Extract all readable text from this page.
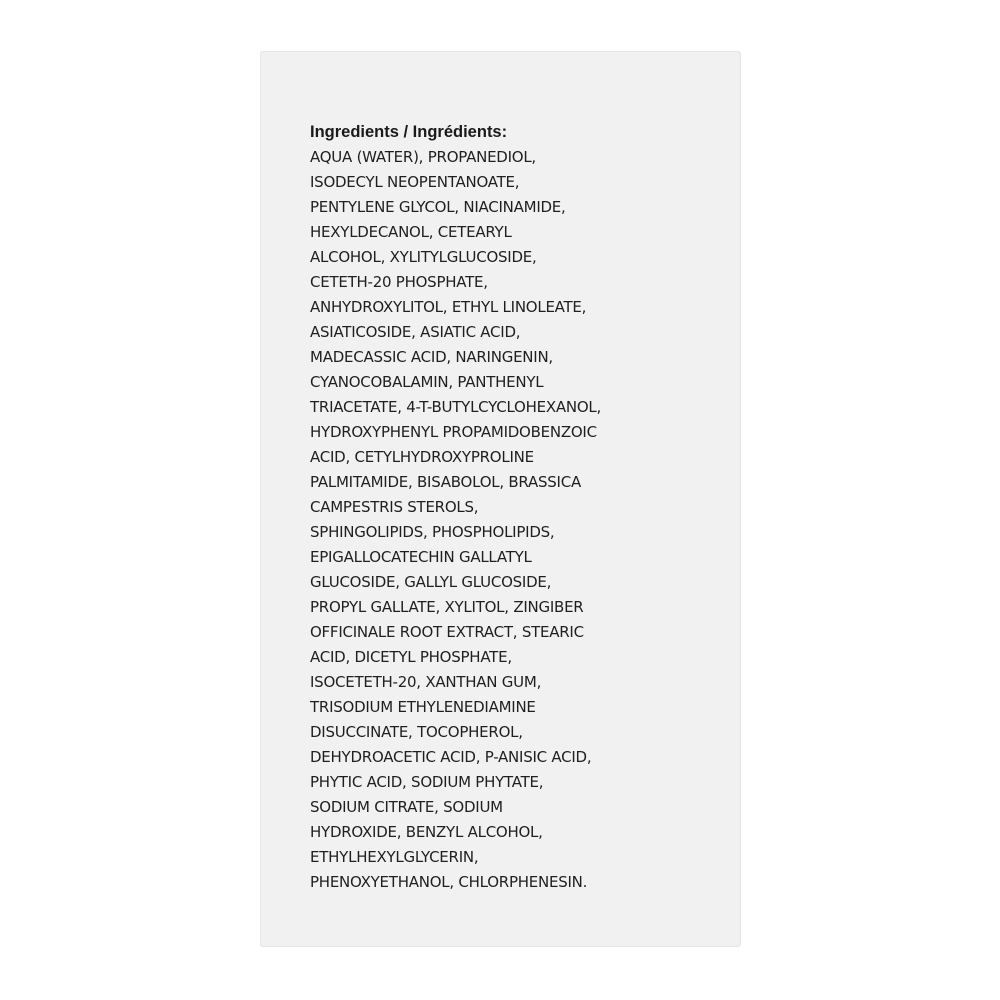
Ingredients / Ingrédients:
AQUA (WATER), PROPANEDIOL,
ISODECYL NEOPENTANOATE,
PENTYLENE GLYCOL, NIACINAMIDE,
HEXYLDECANOL, CETEARYL
ALCOHOL, XYLITYLGLUCOSIDE,
CETETH-20 PHOSPHATE,
ANHYDROXYLITOL, ETHYL LINOLEATE,
ASIATICOSIDE, ASIATIC ACID,
MADECASSIC ACID, NARINGENIN,
CYANOCOBALAMIN, PANTHENYL
TRIACETATE, 4-T-BUTYLCYCLOHEXANOL,
HYDROXYPHENYL PROPAMIDOBENZOIC
ACID, CETYLHYDROXYPROLINE
PALMITAMIDE, BISABOLOL, BRASSICA
CAMPESTRIS STEROLS,
SPHINGOLIPIDS, PHOSPHOLIPIDS,
EPIGALLOCATECHIN GALLATYL
GLUCOSIDE, GALLYL GLUCOSIDE,
PROPYL GALLATE, XYLITOL, ZINGIBER
OFFICINALE ROOT EXTRACT, STEARIC
ACID, DICETYL PHOSPHATE,
ISOCETETH-20, XANTHAN GUM,
TRISODIUM ETHYLENEDIAMINE
DISUCCINATE, TOCOPHEROL,
DEHYDROACETIC ACID, P-ANISIC ACID,
PHYTIC ACID, SODIUM PHYTATE,
SODIUM CITRATE, SODIUM
HYDROXIDE, BENZYL ALCOHOL,
ETHYLHEXYLGLYCERIN,
PHENOXYETHANOL, CHLORPHENESIN.
